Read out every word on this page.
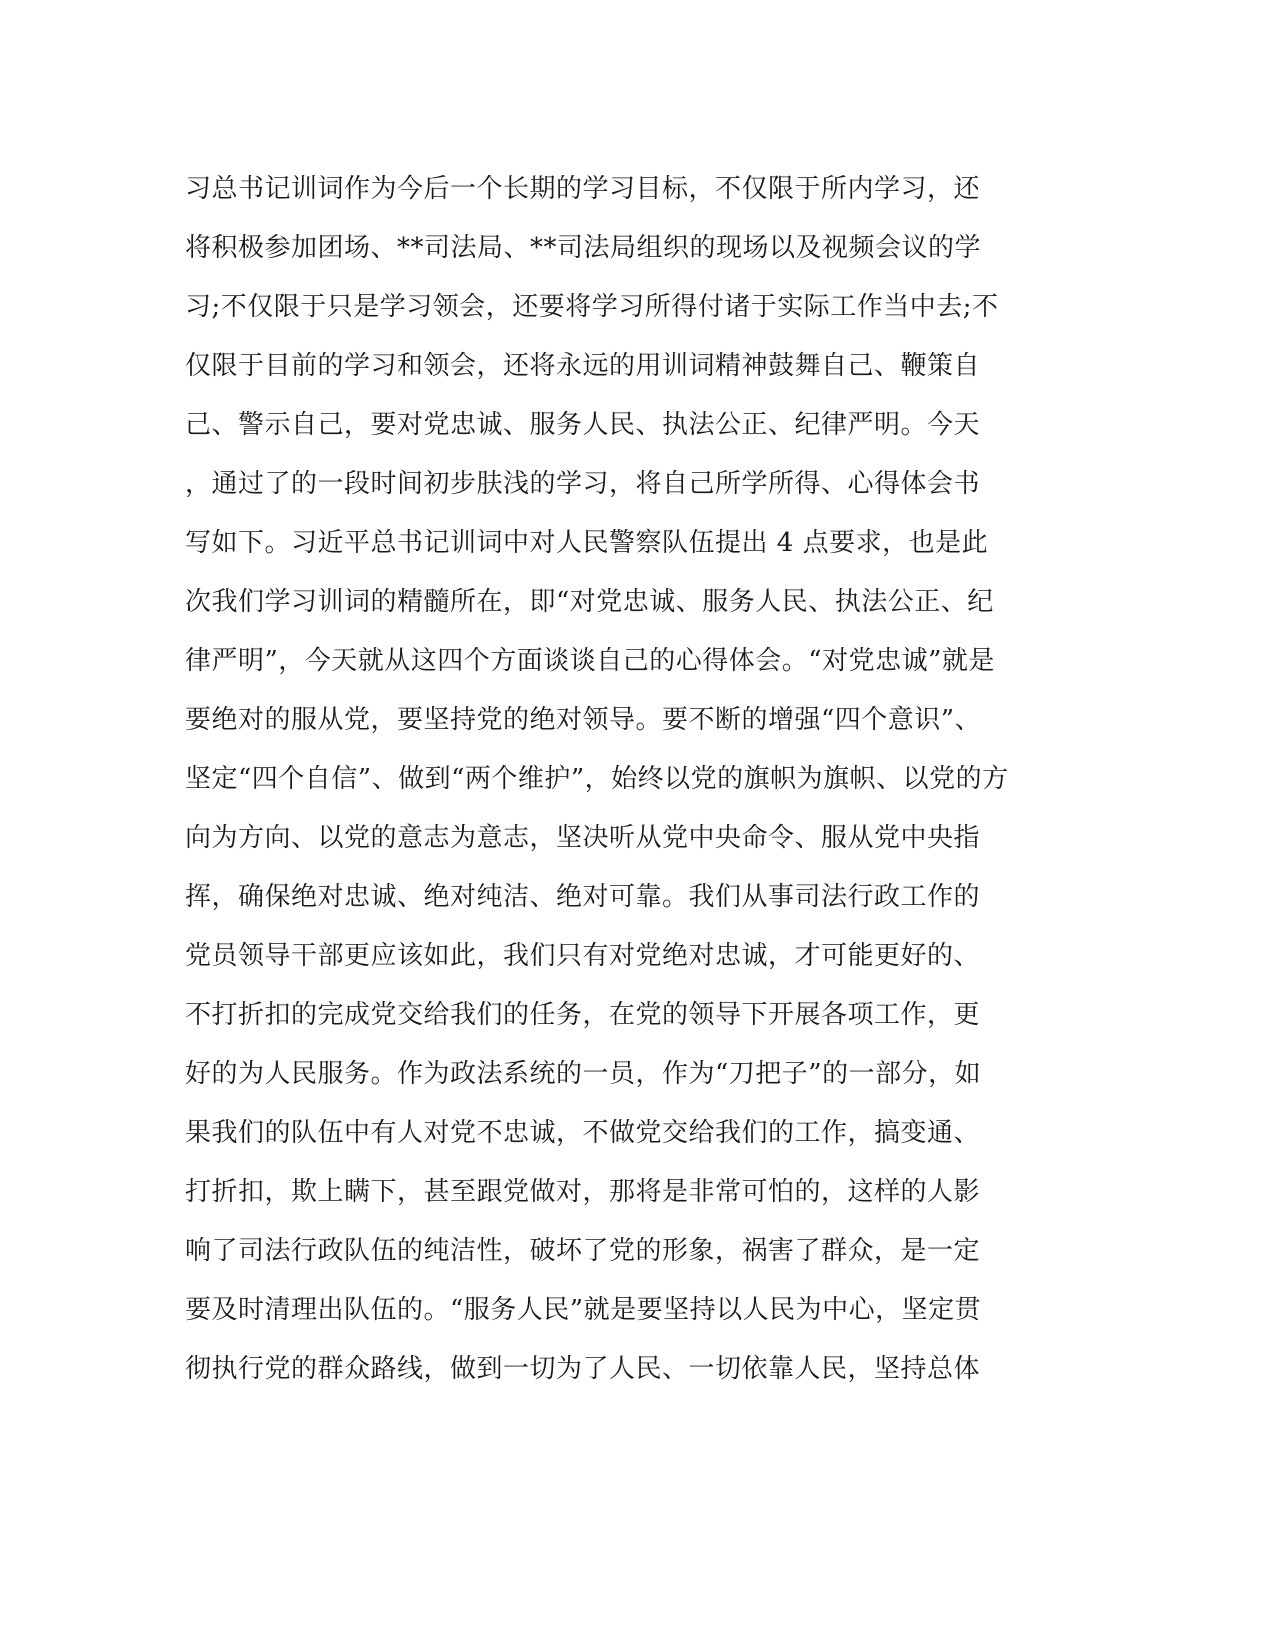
习总书记训词作为今后一个长期的学习目标，不仅限于所内学习，还
将积极参加团场、**司法局、**司法局组织的现场以及视频会议的学
习;不仅限于只是学习领会，还要将学习所得付诸于实际工作当中去;不
仅限于目前的学习和领会，还将永远的用训词精神鼓舞自己、鞭策自
己、警示自己，要对党忠诚、服务人民、执法公正、纪律严明。今天
，通过了的一段时间初步肤浅的学习，将自己所学所得、心得体会书
写如下。习近平总书记训词中对人民警察队伍提出 4 点要求，也是此
次我们学习训词的精髓所在，即“对党忠诚、服务人民、执法公正、纪
律严明”，今天就从这四个方面谈谈自己的心得体会。“对党忠诚”就是
要绝对的服从党，要坚持党的绝对领导。要不断的增强“四个意识”、
坚定“四个自信”、做到“两个维护”，始终以党的旗帜为旗帜、以党的方
向为方向、以党的意志为意志，坚决听从党中央命令、服从党中央指
挥，确保绝对忠诚、绝对纯洁、绝对可靠。我们从事司法行政工作的
党员领导干部更应该如此，我们只有对党绝对忠诚，才可能更好的、
不打折扣的完成党交给我们的任务，在党的领导下开展各项工作，更
好的为人民服务。作为政法系统的一员，作为“刀把子”的一部分，如
果我们的队伍中有人对党不忠诚，不做党交给我们的工作，搞变通、
打折扣，欺上瞒下，甚至跟党做对，那将是非常可怕的，这样的人影
响了司法行政队伍的纯洁性，破坏了党的形象，祸害了群众，是一定
要及时清理出队伍的。“服务人民”就是要坚持以人民为中心，坚定贯
彻执行党的群众路线，做到一切为了人民、一切依靠人民，坚持总体
